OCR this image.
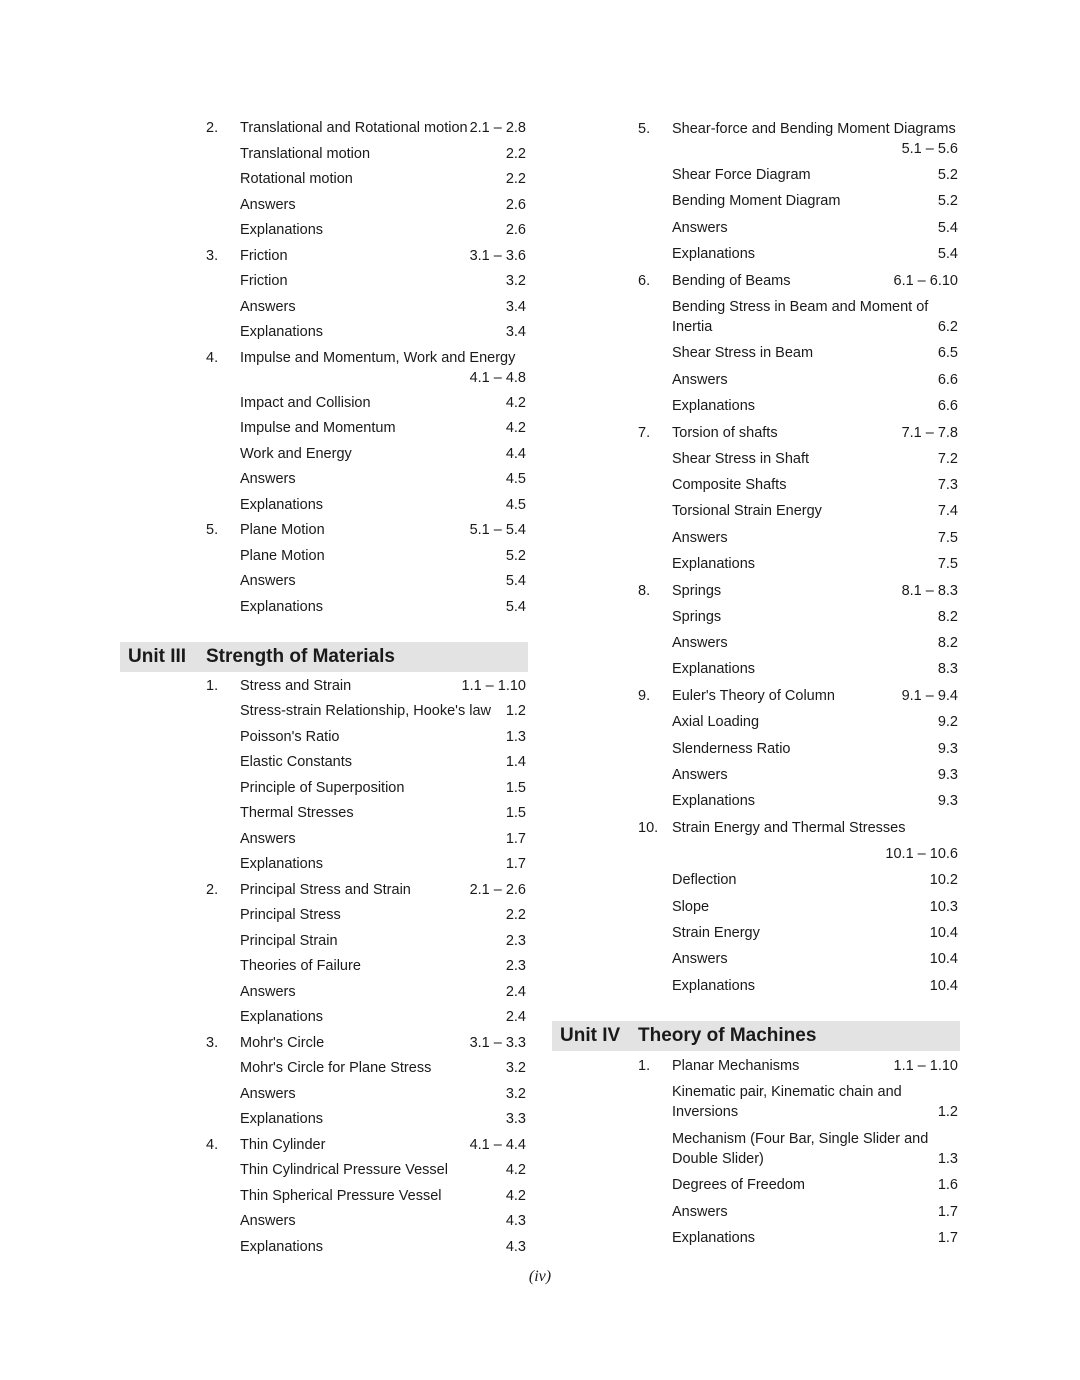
2. Translational and Rotational motion 2.1 – 2.8
Translational motion	2.2
Rotational motion	2.2
Answers	2.6
Explanations	2.6
3. Friction	3.1 – 3.6
Friction	3.2
Answers	3.4
Explanations	3.4
4. Impulse and Momentum, Work and Energy
4.1 – 4.8
Impact and Collision	4.2
Impulse and Momentum	4.2
Work and Energy	4.4
Answers	4.5
Explanations	4.5
5. Plane Motion	5.1 – 5.4
Plane Motion	5.2
Answers	5.4
Explanations	5.4
Unit III	Strength of Materials
1. Stress and Strain	1.1 – 1.10
Stress-strain Relationship, Hooke's law 1.2
Poisson's Ratio	1.3
Elastic Constants	1.4
Principle of Superposition	1.5
Thermal Stresses	1.5
Answers	1.7
Explanations	1.7
2. Principal Stress and Strain	2.1 – 2.6
Principal Stress	2.2
Principal Strain	2.3
Theories of Failure	2.3
Answers	2.4
Explanations	2.4
3. Mohr's Circle	3.1 – 3.3
Mohr's Circle for Plane Stress	3.2
Answers	3.2
Explanations	3.3
4. Thin Cylinder	4.1 – 4.4
Thin Cylindrical Pressure Vessel	4.2
Thin Spherical Pressure Vessel	4.2
Answers	4.3
Explanations	4.3
5. Shear-force and Bending Moment Diagrams
5.1 – 5.6
Shear Force Diagram	5.2
Bending Moment Diagram	5.2
Answers	5.4
Explanations	5.4
6. Bending of Beams	6.1 – 6.10
Bending Stress in Beam and Moment of Inertia	6.2
Shear Stress in Beam	6.5
Answers	6.6
Explanations	6.6
7. Torsion of shafts	7.1 – 7.8
Shear Stress in Shaft	7.2
Composite Shafts	7.3
Torsional Strain Energy	7.4
Answers	7.5
Explanations	7.5
8. Springs	8.1 – 8.3
Springs	8.2
Answers	8.2
Explanations	8.3
9. Euler's Theory of Column	9.1 – 9.4
Axial Loading	9.2
Slenderness Ratio	9.3
Answers	9.3
Explanations	9.3
10. Strain Energy and Thermal Stresses
10.1 – 10.6
Deflection	10.2
Slope	10.3
Strain Energy	10.4
Answers	10.4
Explanations	10.4
Unit IV Theory of Machines
1. Planar Mechanisms	1.1 – 1.10
Kinematic pair, Kinematic chain and Inversions	1.2
Mechanism (Four Bar, Single Slider and Double Slider)	1.3
Degrees of Freedom	1.6
Answers	1.7
Explanations	1.7
(iv)
